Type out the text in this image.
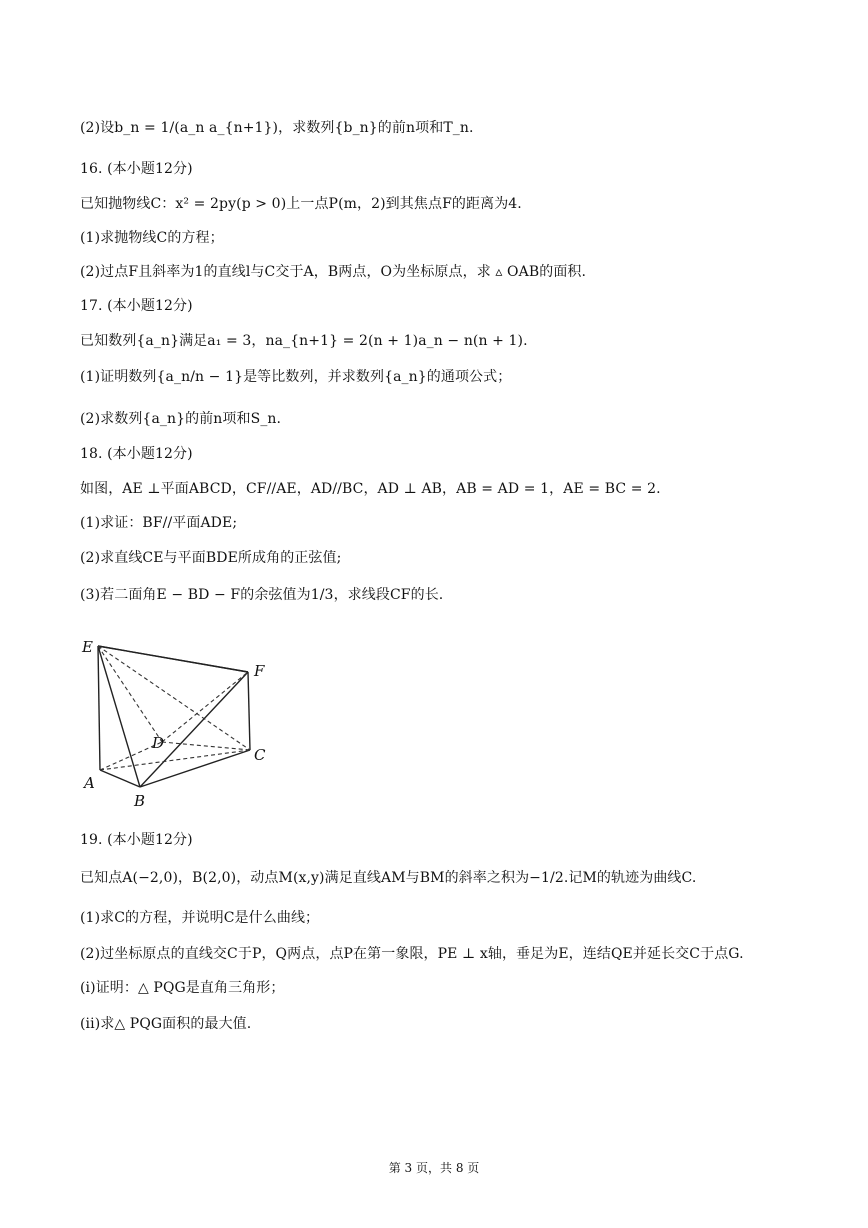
(2)设b_n = 1/(a_n a_{n+1})，求数列{b_n}的前n项和T_n.
16. (本小题12分)
已知抛物线C：x² = 2py(p > 0)上一点P(m，2)到其焦点F的距离为4.
(1)求抛物线C的方程；
(2)过点F且斜率为1的直线l与C交于A，B两点，O为坐标原点，求 ▵ OAB的面积.
17. (本小题12分)
已知数列{a_n}满足a₁ = 3，na_{n+1} = 2(n + 1)a_n − n(n + 1).
(1)证明数列{a_n/n − 1}是等比数列，并求数列{a_n}的通项公式；
(2)求数列{a_n}的前n项和S_n.
18. (本小题12分)
如图，AE ⊥平面ABCD，CF//AE，AD//BC，AD ⊥ AB，AB = AD = 1，AE = BC = 2.
(1)求证：BF//平面ADE;
(2)求直线CE与平面BDE所成角的正弦值;
(3)若二面角E − BD − F的余弦值为1/3，求线段CF的长.
E
F
D
C
A
B
19. (本小题12分)
已知点A(−2,0)，B(2,0)，动点M(x,y)满足直线AM与BM的斜率之积为−1/2.记M的轨迹为曲线C.
(1)求C的方程，并说明C是什么曲线；
(2)过坐标原点的直线交C于P，Q两点，点P在第一象限，PE ⊥ x轴，垂足为E，连结QE并延长交C于点G.
(i)证明：△ PQG是直角三角形；
(ii)求△ PQG面积的最大值.
第 3 页，共 8 页
